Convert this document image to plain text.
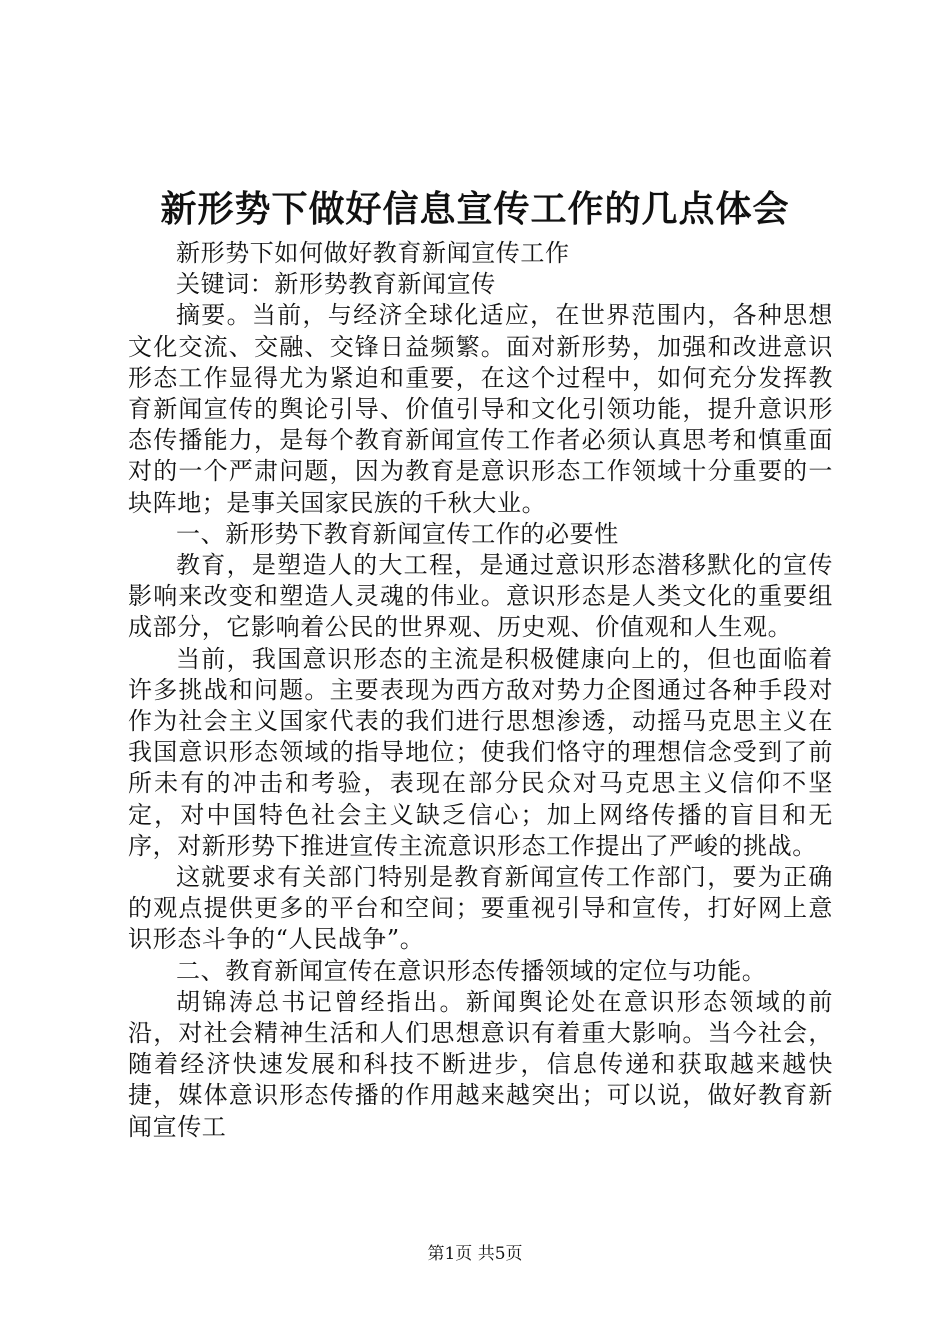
新形势下做好信息宣传工作的几点体会

新形势下如何做好教育新闻宣传工作

关键词：新形势教育新闻宣传

摘要。当前，与经济全球化适应，在世界范围内，各种思想文化交流、交融、交锋日益频繁。面对新形势，加强和改进意识形态工作显得尤为紧迫和重要，在这个过程中，如何充分发挥教育新闻宣传的舆论引导、价值引导和文化引领功能，提升意识形态传播能力，是每个教育新闻宣传工作者必须认真思考和慎重面对的一个严肃问题，因为教育是意识形态工作领域十分重要的一块阵地；是事关国家民族的千秋大业。

一、新形势下教育新闻宣传工作的必要性

教育，是塑造人的大工程，是通过意识形态潜移默化的宣传影响来改变和塑造人灵魂的伟业。意识形态是人类文化的重要组成部分，它影响着公民的世界观、历史观、价值观和人生观。

当前，我国意识形态的主流是积极健康向上的，但也面临着许多挑战和问题。主要表现为西方敌对势力企图通过各种手段对作为社会主义国家代表的我们进行思想渗透，动摇马克思主义在我国意识形态领域的指导地位；使我们恪守的理想信念受到了前所未有的冲击和考验，表现在部分民众对马克思主义信仰不坚定，对中国特色社会主义缺乏信心；加上网络传播的盲目和无序，对新形势下推进宣传主流意识形态工作提出了严峻的挑战。

这就要求有关部门特别是教育新闻宣传工作部门，要为正确的观点提供更多的平台和空间；要重视引导和宣传，打好网上意识形态斗争的“人民战争”。

二、教育新闻宣传在意识形态传播领域的定位与功能。

胡锦涛总书记曾经指出。新闻舆论处在意识形态领域的前沿，对社会精神生活和人们思想意识有着重大影响。当今社会，随着经济快速发展和科技不断进步，信息传递和获取越来越快捷，媒体意识形态传播的作用越来越突出；可以说，做好教育新闻宣传工

第1页 共5页
